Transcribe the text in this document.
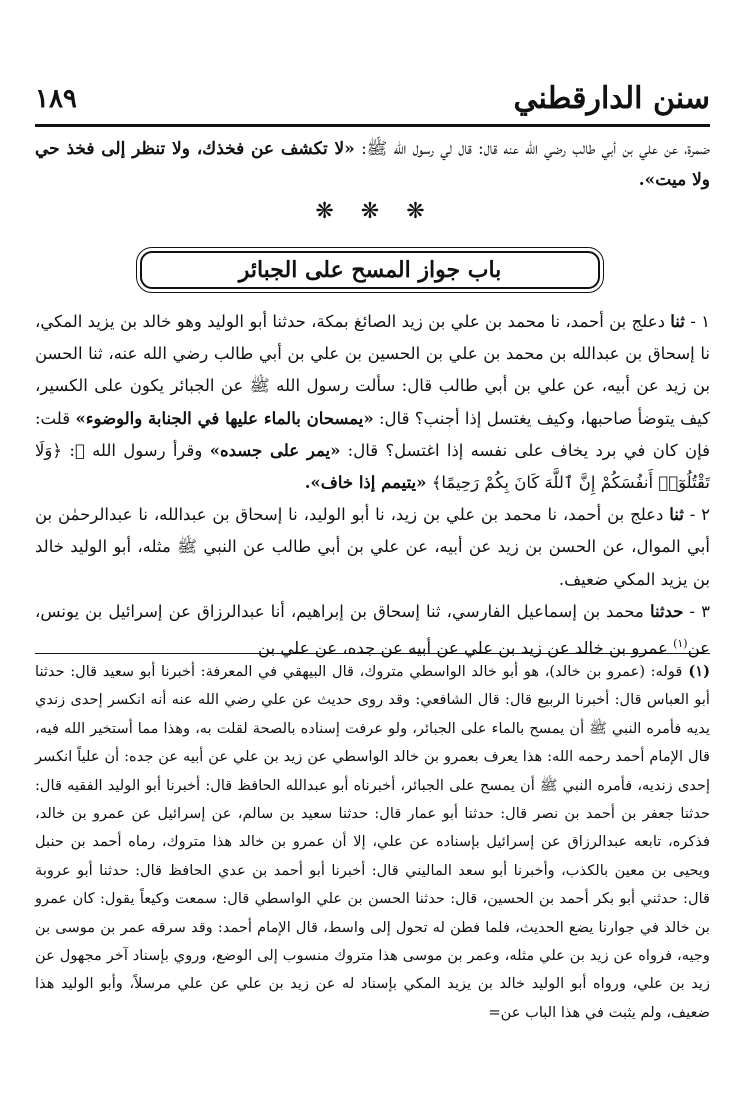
سنن الدارقطني
١٨٩
ضمرة، عن علي بن أبي طالب رضي الله عنه قال: قال لي رسول الله ﷺ: «لا تكشف عن فخذك، ولا تنظر إلى فخذ حي ولا ميت».
❋ ❋ ❋
باب جواز المسح على الجبائر

١ - ثنا دعلج بن أحمد، نا محمد بن علي بن زيد الصائغ بمكة، حدثنا أبو الوليد وهو خالد بن يزيد المكي، نا إسحاق بن عبدالله بن محمد بن علي بن الحسين بن علي بن أبي طالب رضي الله عنه، ثنا الحسن بن زيد عن أبيه، عن علي بن أبي طالب قال: سألت رسول الله ﷺ عن الجبائر يكون على الكسير، كيف يتوضأ صاحبها، وكيف يغتسل إذا أجنب؟ قال: «يمسحان بالماء عليها في الجنابة والوضوء» قلت: فإن كان في برد يخاف على نفسه إذا اغتسل؟ قال: «يمر على جسده» وقرأ رسول الله ﷺ: ﴿وَلَا تَقْتُلُوٓا۟ أَنفُسَكُمْ إِنَّ ٱللَّهَ كَانَ بِكُمْ رَحِيمًا﴾ «يتيمم إذا خاف».

٢ - ثنا دعلج بن أحمد، نا محمد بن علي بن زيد، نا أبو الوليد، نا إسحاق بن عبدالله، نا عبدالرحمٰن بن أبي الموال، عن الحسن بن زيد عن أبيه، عن علي بن أبي طالب عن النبي ﷺ مثله، أبو الوليد خالد بن يزيد المكي ضعيف.

٣ - حدثنا محمد بن إسماعيل الفارسي، ثنا إسحاق بن إبراهيم، أنا عبدالرزاق عن إسرائيل بن يونس، عن$^{(١)}$ عمرو بن خالد عن زيد بن علي عن أبيه عن جده، عن علي بن

(١)قوله: (عمرو بن خالد)، هو أبو خالد الواسطي متروك، قال البيهقي في المعرفة: أخبرنا أبو سعيد قال: حدثنا أبو العباس قال: أخبرنا الربيع قال: قال الشافعي: وقد روى حديث عن علي رضي الله عنه أنه انكسر إحدى زندي يديه فأمره النبي ﷺ أن يمسح بالماء على الجبائر، ولو عرفت إسناده بالصحة لقلت به، وهذا مما أستخير الله فيه، قال الإمام أحمد رحمه الله: هذا يعرف بعمرو بن خالد الواسطي عن زيد بن علي عن أبيه عن جده: أن علياً انكسر إحدى زنديه، فأمره النبي ﷺ أن يمسح على الجبائر، أخبرناه أبو عبدالله الحافظ قال: أخبرنا أبو الوليد الفقيه قال: حدثنا جعفر بن أحمد بن نصر قال: حدثنا أبو عمار قال: حدثنا سعيد بن سالم، عن إسرائيل عن عمرو بن خالد، فذكره، تابعه عبدالرزاق عن إسرائيل بإسناده عن علي، إلا أن عمرو بن خالد هذا متروك، رماه أحمد بن حنبل ويحيى بن معين بالكذب، وأخبرنا أبو سعد الماليني قال: أخبرنا أبو أحمد بن عدي الحافظ قال: حدثنا أبو عروبة قال: حدثني أبو بكر أحمد بن الحسين، قال: حدثنا الحسن بن علي الواسطي قال: سمعت وكيعاً يقول: كان عمرو بن خالد في جوارنا يضع الحديث، فلما فطن له تحول إلى واسط، قال الإمام أحمد: وقد سرقه عمر بن موسى بن وجيه، فرواه عن زيد بن علي مثله، وعمر بن موسى هذا متروك منسوب إلى الوضع، وروي بإسناد آخر مجهول عن زيد بن علي، ورواه أبو الوليد خالد بن يزيد المكي بإسناد له عن زيد بن علي عن علي مرسلاً، وأبو الوليد هذا ضعيف، ولم يثبت في هذا الباب عن=
